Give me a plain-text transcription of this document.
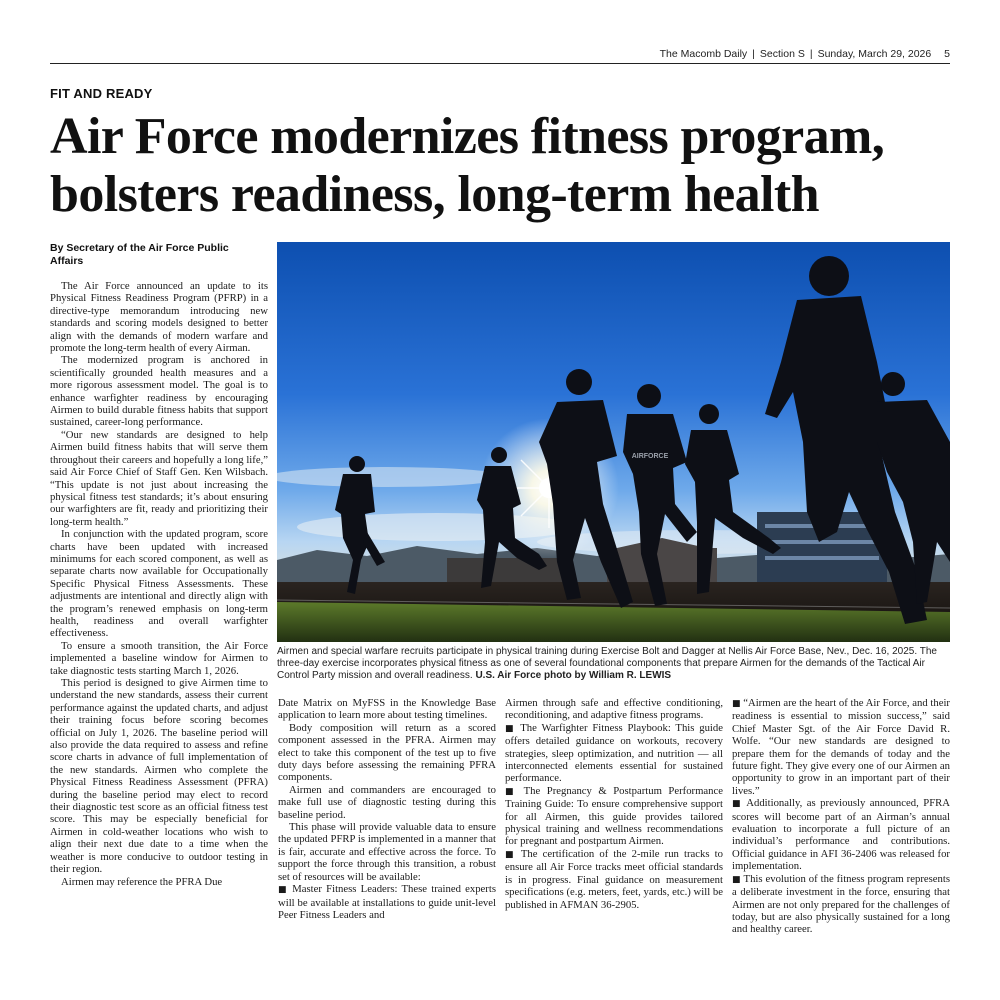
The Macomb Daily | Section S | Sunday, March 29, 2026 5
FIT AND READY
Air Force modernizes fitness program, bolsters readiness, long-term health
By Secretary of the Air Force Public Affairs

The Air Force announced an update to its Physical Fitness Readiness Program (PFRP) in a directive-type memorandum introducing new standards and scoring models designed to better align with the demands of modern warfare and promote the long-term health of every Airman.

The modernized program is anchored in scientifically grounded health measures and a more rigorous assessment model. The goal is to enhance warfighter readiness by encouraging Airmen to build durable fitness habits that support sustained, career-long performance.

“Our new standards are designed to help Airmen build fitness habits that will serve them throughout their careers and hopefully a long life,” said Air Force Chief of Staff Gen. Ken Wilsbach. “This update is not just about increasing the physical fitness test standards; it’s about ensuring our warfighters are fit, ready and prioritizing their long-term health.”

In conjunction with the updated program, score charts have been updated with increased minimums for each scored component, as well as separate charts now available for Occupationally Specific Physical Fitness Assessments. These adjustments are intentional and directly align with the program’s renewed emphasis on long-term health, readiness and overall warfighter effectiveness.

To ensure a smooth transition, the Air Force implemented a baseline window for Airmen to take diagnostic tests starting March 1, 2026.

This period is designed to give Airmen time to understand the new standards, assess their current performance against the updated charts, and adjust their training focus before scoring becomes official on July 1, 2026. The baseline period will also provide the data required to assess and refine score charts in advance of full implementation of the new standards. Airmen who complete the Physical Fitness Readiness Assessment (PFRA) during the baseline period may elect to record their diagnostic test score as an official fitness test score. This may be especially beneficial for Airmen in cold-weather locations who wish to align their next due date to a time when the weather is more conducive to outdoor testing in their region.

Airmen may reference the PFRA Due

AIRFORCE
Airmen and special warfare recruits participate in physical training during Exercise Bolt and Dagger at Nellis Air Force Base, Nev., Dec. 16, 2025. The three-day exercise incorporates physical fitness as one of several foundational components that prepare Airmen for the demands of the Tactical Air Control Party mission and overall readiness. U.S. Air Force photo by William R. LEWIS

Date Matrix on MyFSS in the Knowledge Base application to learn more about testing timelines.

Body composition will return as a scored component assessed in the PFRA. Airmen may elect to take this component of the test up to five duty days before assessing the remaining PFRA components.

Airmen and commanders are encouraged to make full use of diagnostic testing during this baseline period.

This phase will provide valuable data to ensure the updated PFRP is implemented in a manner that is fair, accurate and effective across the force. To support the force through this transition, a robust set of resources will be available:

■ Master Fitness Leaders: These trained experts will be available at installations to guide unit-level Peer Fitness Leaders and

Airmen through safe and effective conditioning, reconditioning, and adaptive fitness programs.

■ The Warfighter Fitness Playbook: This guide offers detailed guidance on workouts, recovery strategies, sleep optimization, and nutrition — all interconnected elements essential for sustained performance.

■ The Pregnancy & Postpartum Performance Training Guide: To ensure comprehensive support for all Airmen, this guide provides tailored physical training and wellness recommendations for pregnant and postpartum Airmen.

■ The certification of the 2-mile run tracks to ensure all Air Force tracks meet official standards is in progress. Final guidance on measurement specifications (e.g. meters, feet, yards, etc.) will be published in AFMAN 36-2905.

■ “Airmen are the heart of the Air Force, and their readiness is essential to mission success,” said Chief Master Sgt. of the Air Force David R. Wolfe. “Our new standards are designed to prepare them for the demands of today and the future fight. They give every one of our Airmen an opportunity to grow in an important part of their lives.”

■ Additionally, as previously announced, PFRA scores will become part of an Airman’s annual evaluation to incorporate a full picture of an individual’s performance and contributions. Official guidance in AFI 36-2406 was released for implementation.

■ This evolution of the fitness program represents a deliberate investment in the force, ensuring that Airmen are not only prepared for the challenges of today, but are also physically sustained for a long and healthy career.
